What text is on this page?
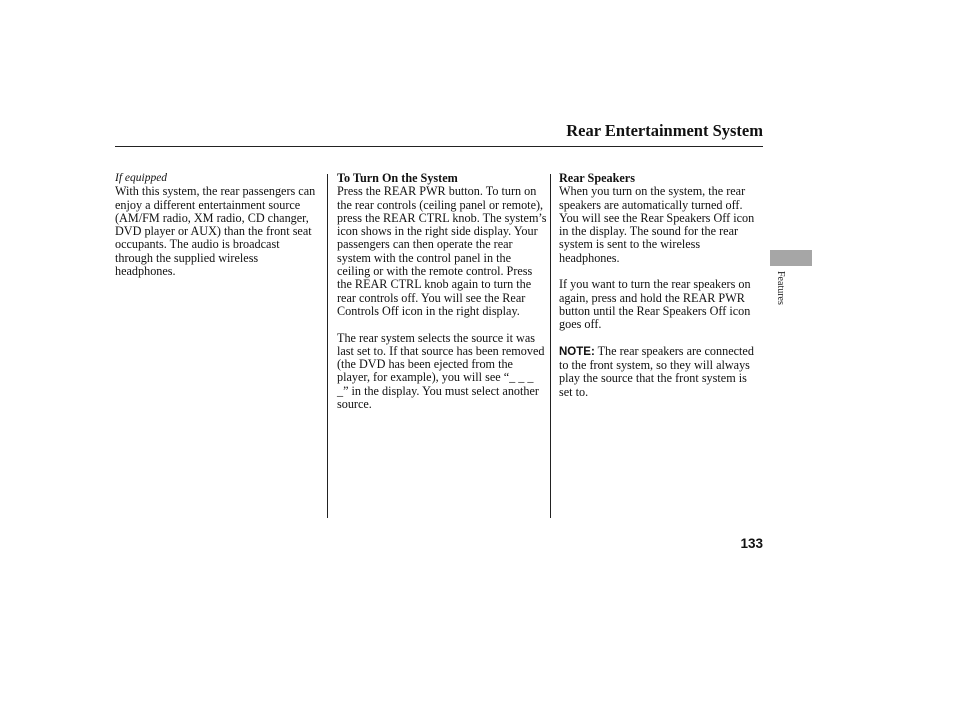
Rear Entertainment System

If equipped

With this system, the rear passengers can enjoy a different entertainment source (AM/FM radio, XM radio, CD changer, DVD player or AUX) than the front seat occupants. The audio is broadcast through the supplied wireless headphones.

To Turn On the System

Press the REAR PWR button. To turn on the rear controls (ceiling panel or remote), press the REAR CTRL knob. The system’s icon shows in the right side display. Your passengers can then operate the rear system with the control panel in the ceiling or with the remote control. Press the REAR CTRL knob again to turn the rear controls off. You will see the Rear Controls Off icon in the right display.

The rear system selects the source it was last set to. If that source has been removed (the DVD has been ejected from the player, for example), you will see “_ _ _ _” in the display. You must select another source.

Rear Speakers

When you turn on the system, the rear speakers are automatically turned off. You will see the Rear Speakers Off icon in the display. The sound for the rear system is sent to the wireless headphones.

If you want to turn the rear speakers on again, press and hold the REAR PWR button until the Rear Speakers Off icon goes off.

NOTE: The rear speakers are connected to the front system, so they will always play the source that the front system is set to.

Features
133
